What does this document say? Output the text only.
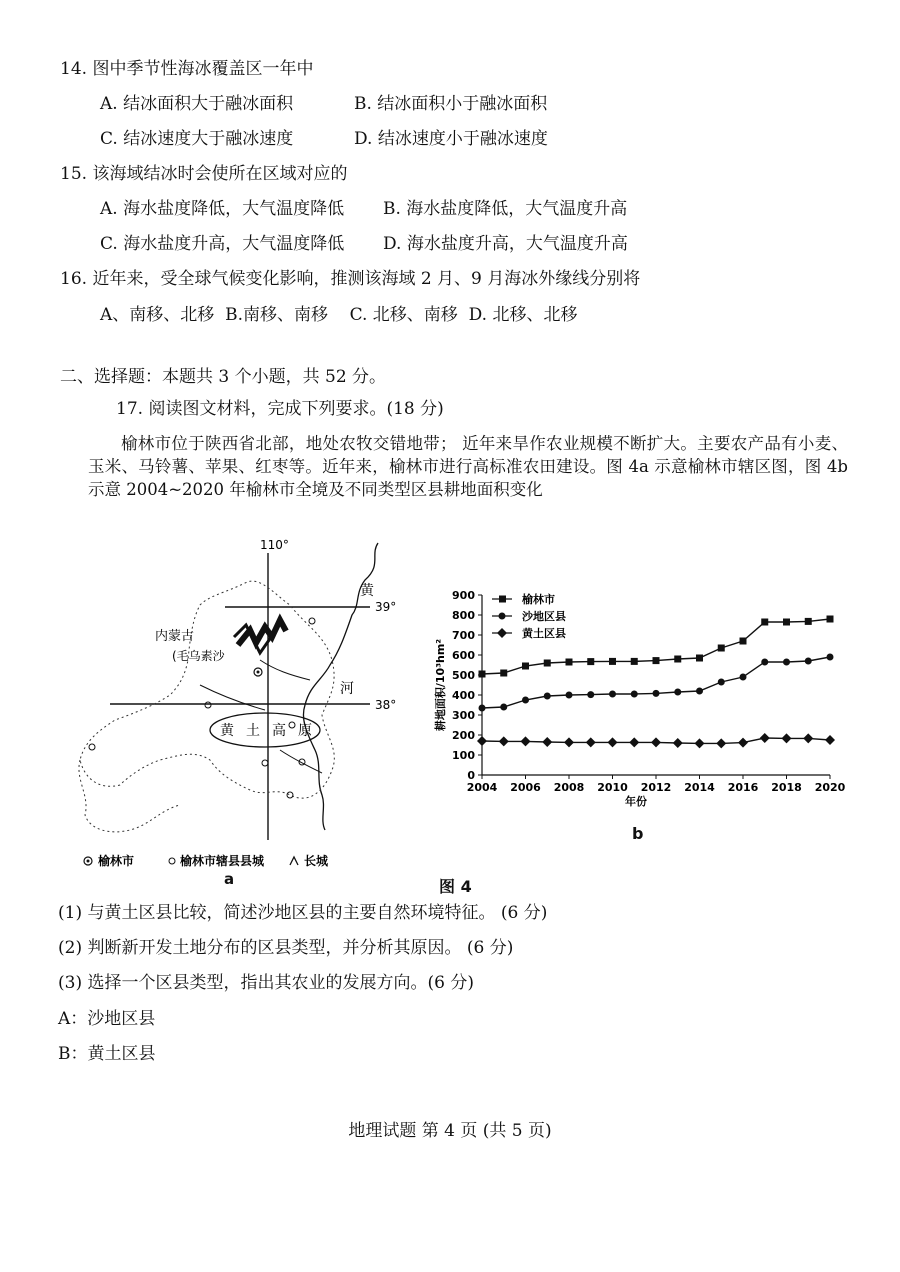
14. 图中季节性海冰覆盖区一年中
A. 结冰面积大于融冰面积	B. 结冰面积小于融冰面积
C. 结冰速度大于融冰速度	D. 结冰速度小于融冰速度
15. 该海域结冰时会使所在区域对应的
A. 海水盐度降低，大气温度降低 B. 海水盐度降低，大气温度升高
C. 海水盐度升高，大气温度降低 D. 海水盐度升高，大气温度升高
16. 近年来，受全球气候变化影响，推测该海域 2 月、9 月海冰外缘线分别将
A、南移、北移  B.南移、南移    C. 北移、南移  D. 北移、北移
二、选择题：本题共 3 个小题，共 52 分。
17. 阅读图文材料，完成下列要求。(18 分)
榆林市位于陕西省北部，地处农牧交错地带； 近年来旱作农业规模不断扩大。主要农产品有小麦、玉米、马铃薯、苹果、红枣等。近年来，榆林市进行高标准农田建设。图 4a 示意榆林市辖区图，图 4b 示意 2004~2020 年榆林市全境及不同类型区县耕地面积变化
110°
39°
38°
内蒙古
(毛乌素沙
黄
河
黄 土 高 原
榆林市	榆林市辖县县城	长城
a
0
100
200
300
400
500
600
700
800
900
2004 2006 2008 2010 2012 2014 2016 2018 2020
年份
耕地面积/10³hm²
榆林市
沙地区县
黄土区县
b
图 4
(1) 与黄土区县比较，简述沙地区县的主要自然环境特征。 (6 分)
(2) 判断新开发土地分布的区县类型，并分析其原因。 (6 分)
(3) 选择一个区县类型，指出其农业的发展方向。(6 分)
A：沙地区县
B：黄土区县
地理试题 第 4 页 (共 5 页)
